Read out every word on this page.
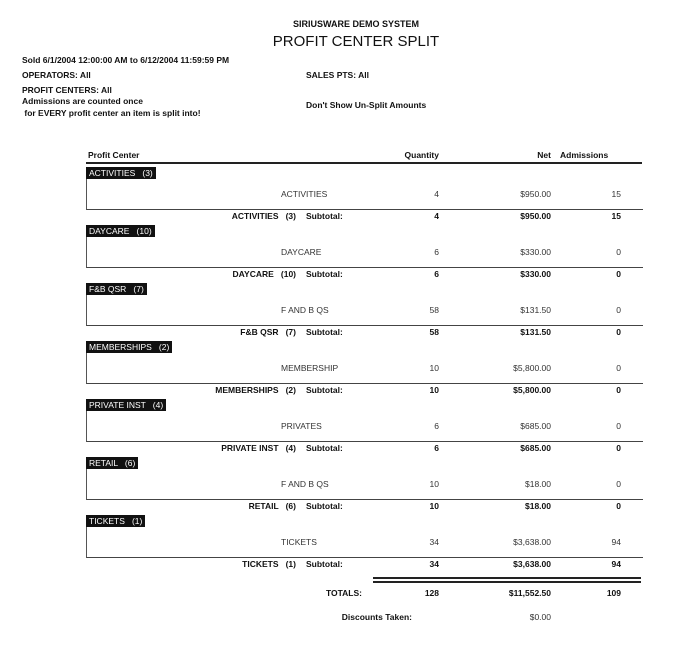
SIRIUSWARE DEMO SYSTEM
PROFIT CENTER SPLIT
Sold 6/1/2004 12:00:00 AM to 6/12/2004 11:59:59 PM
OPERATORS: All	SALES PTS: All
PROFIT CENTERS: All
Admissions are counted once
for EVERY profit center an item is split into!
Don't Show Un-Split Amounts
Profit Center	Quantity	Net Admissions
ACTIVITIES   (3)
ACTIVITIES	4	$950.00	15
ACTIVITIES   (3) Subtotal:	4	$950.00	15
DAYCARE   (10)
DAYCARE	6	$330.00	0
DAYCARE   (10) Subtotal:	6	$330.00	0
F&B QSR   (7)
F AND B QS	58	$131.50	0
F&B QSR   (7) Subtotal:	58	$131.50	0
MEMBERSHIPS   (2)
MEMBERSHIP	10	$5,800.00	0
MEMBERSHIPS   (2) Subtotal:	10	$5,800.00	0
PRIVATE INST   (4)
PRIVATES	6	$685.00	0
PRIVATE INST   (4) Subtotal:	6	$685.00	0
RETAIL   (6)
F AND B QS	10	$18.00	0
RETAIL   (6) Subtotal:	10	$18.00	0
TICKETS   (1)
TICKETS	34	$3,638.00	94
TICKETS   (1) Subtotal:	34	$3,638.00	94
TOTALS:	128	$11,552.50	109
Discounts Taken:	$0.00
